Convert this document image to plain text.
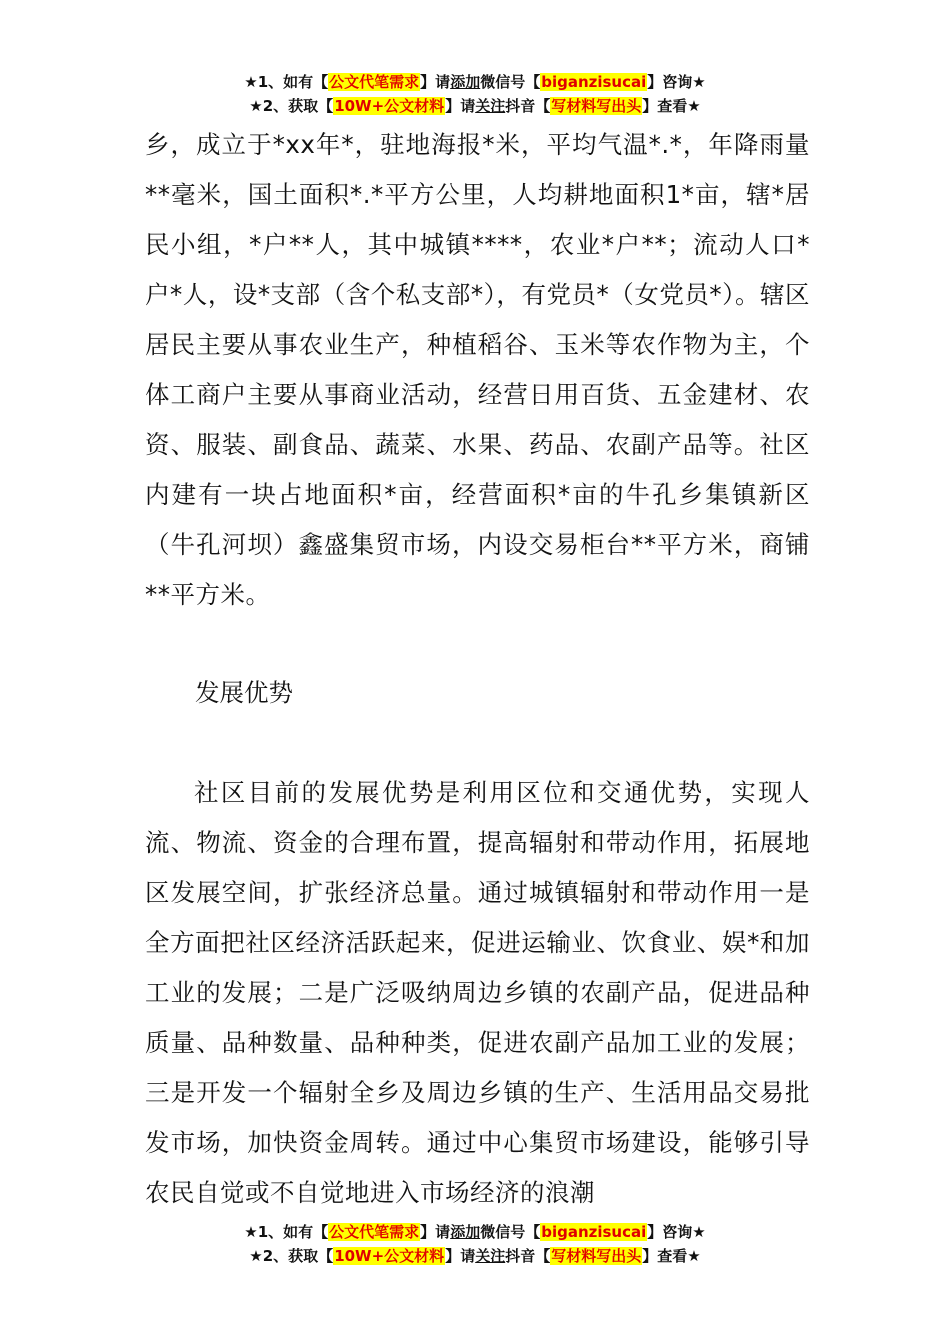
★1、如有【公文代笔需求】请添加微信号【biganzisucai】咨询★
★2、获取【10W+公文材料】请关注抖音【写材料写出头】查看★

乡，成立于*xx年*，驻地海报*米，平均气温*.*，年降雨量**毫米，国土面积*.*平方公里，人均耕地面积1*亩，辖*居民小组，*户**人，其中城镇****，农业*户**；流动人口*户*人，设*支部（含个私支部*），有党员*（女党员*）。辖区居民主要从事农业生产，种植稻谷、玉米等农作物为主，个体工商户主要从事商业活动，经营日用百货、五金建材、农资、服装、副食品、蔬菜、水果、药品、农副产品等。社区内建有一块占地面积*亩，经营面积*亩的牛孔乡集镇新区（牛孔河坝）鑫盛集贸市场，内设交易柜台**平方米，商铺**平方米。

发展优势

社区目前的发展优势是利用区位和交通优势，实现人流、物流、资金的合理布置，提高辐射和带动作用，拓展地区发展空间，扩张经济总量。通过城镇辐射和带动作用一是全方面把社区经济活跃起来，促进运输业、饮食业、娱*和加工业的发展；二是广泛吸纳周边乡镇的农副产品，促进品种质量、品种数量、品种种类，促进农副产品加工业的发展；三是开发一个辐射全乡及周边乡镇的生产、生活用品交易批发市场，加快资金周转。通过中心集贸市场建设，能够引导农民自觉或不自觉地进入市场经济的浪潮

★1、如有【公文代笔需求】请添加微信号【biganzisucai】咨询★
★2、获取【10W+公文材料】请关注抖音【写材料写出头】查看★
